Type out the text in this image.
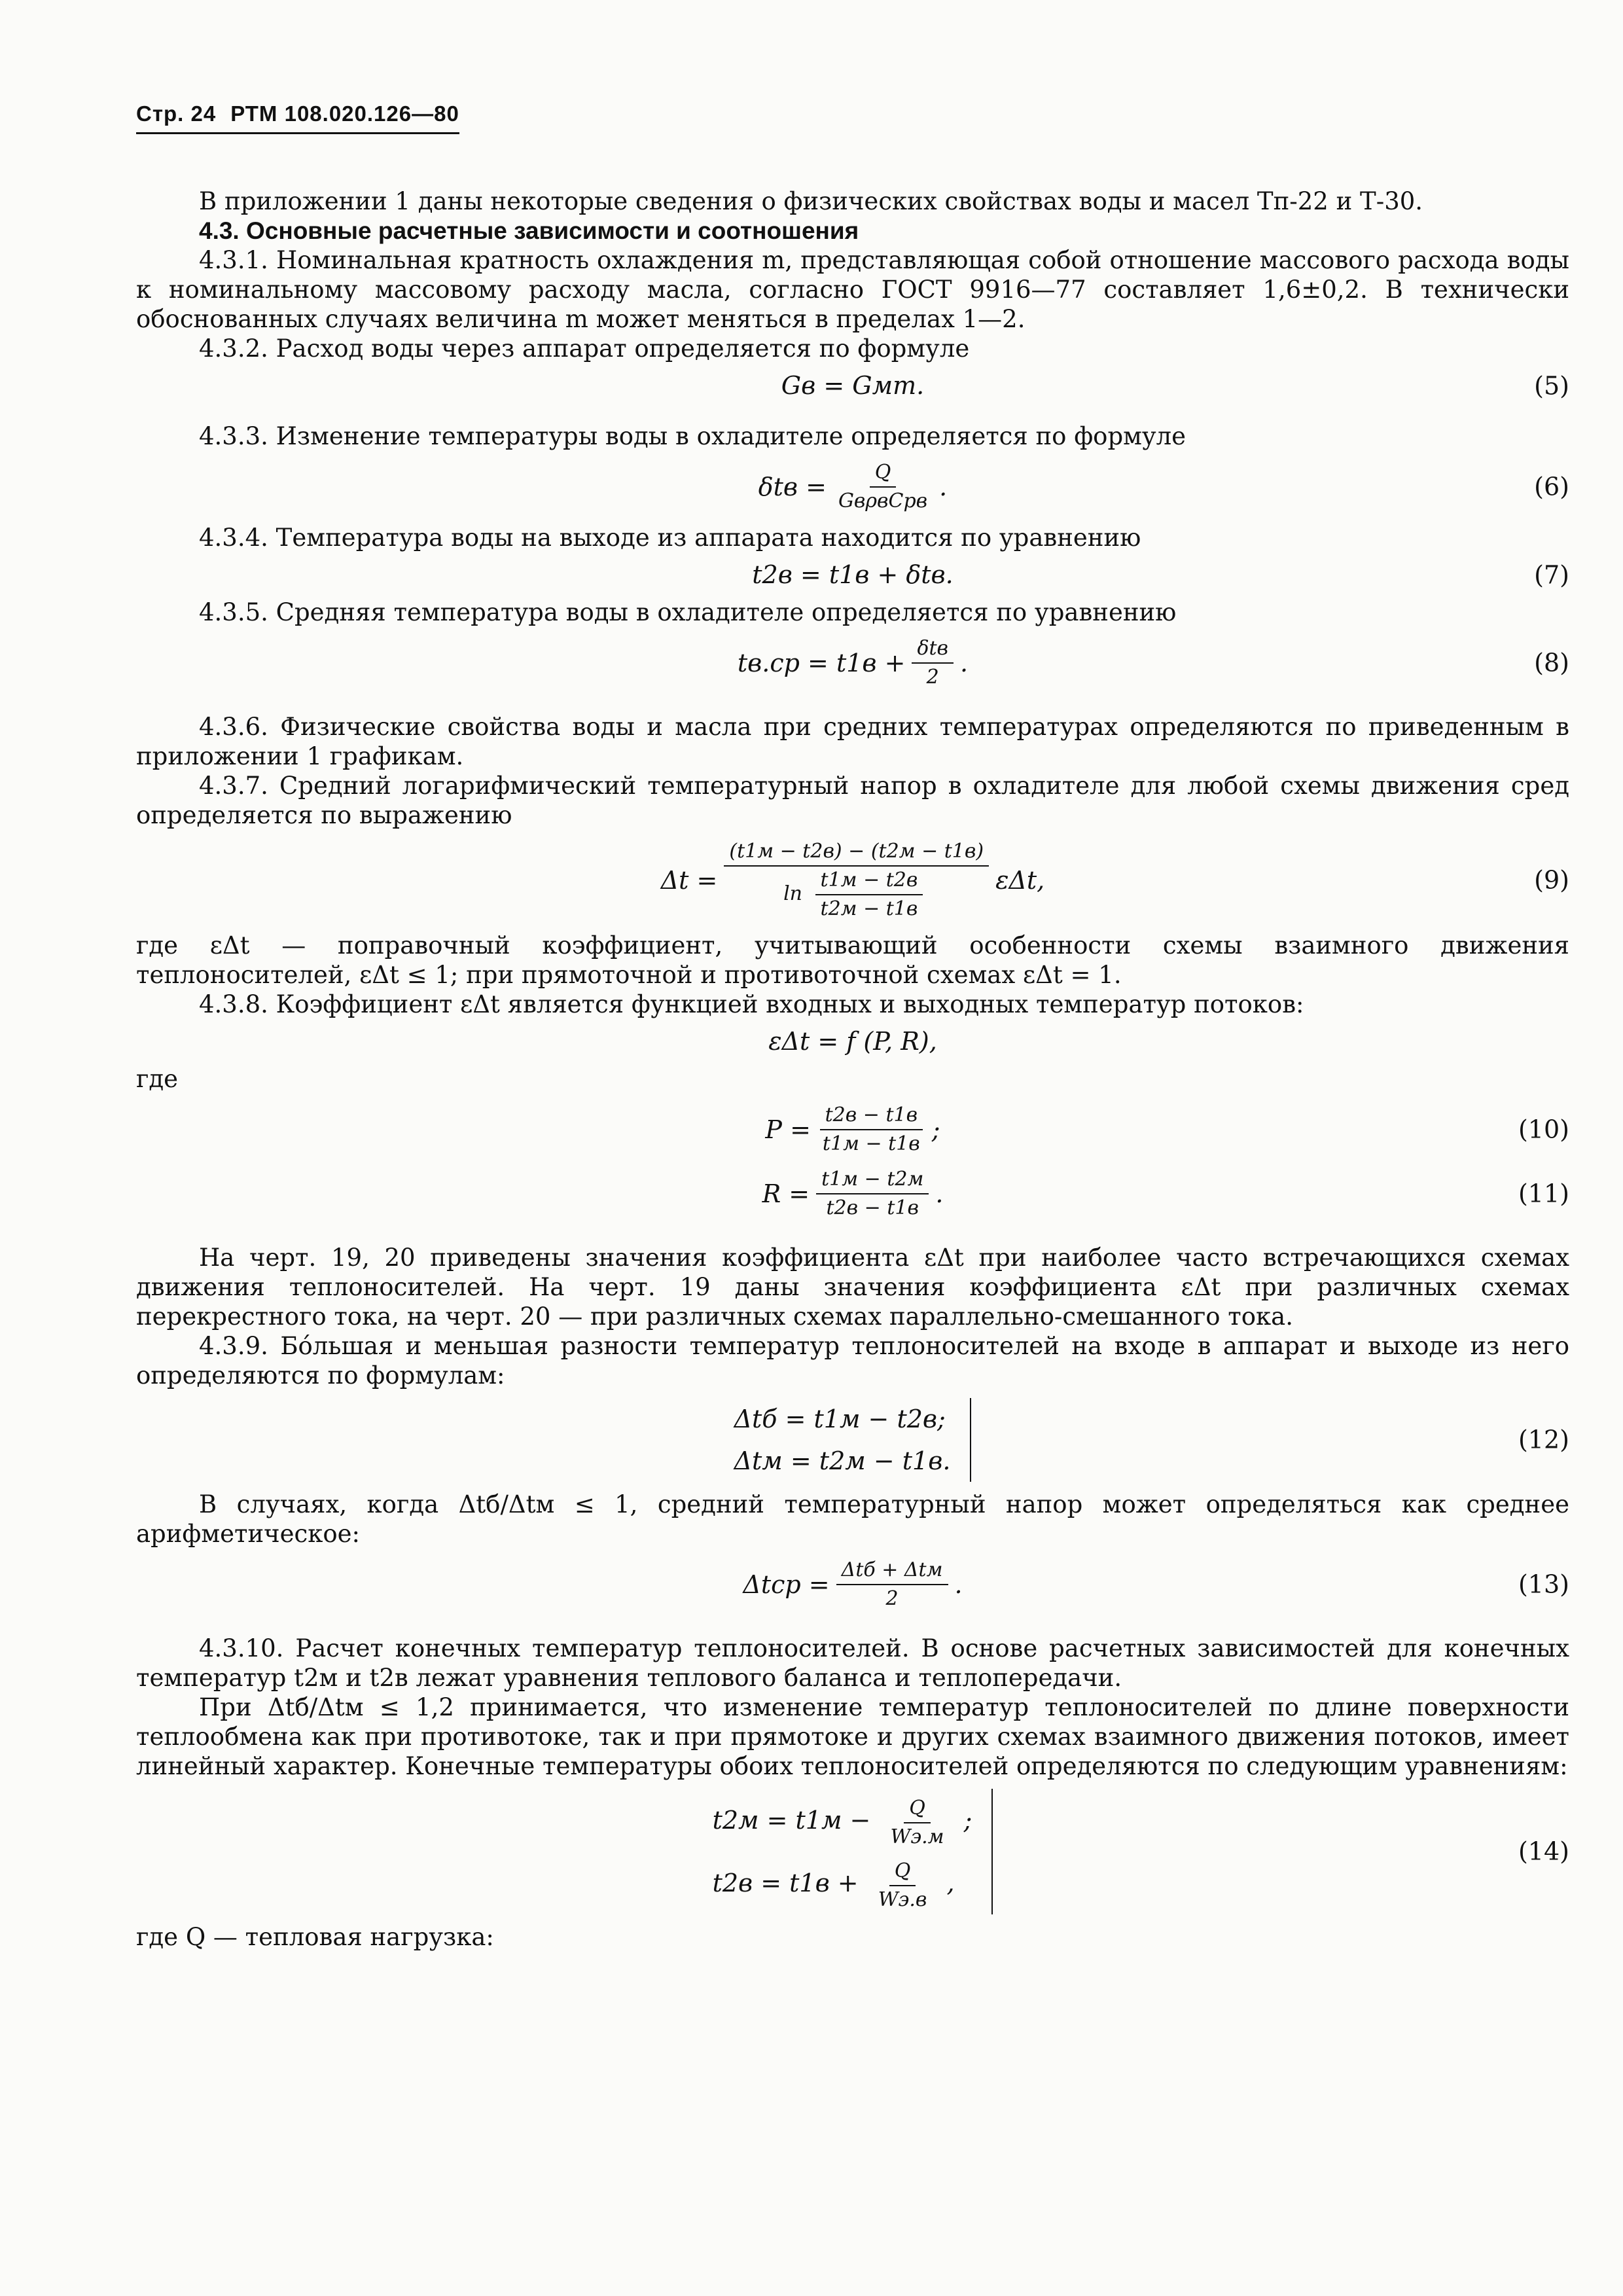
Стр. 24 РТМ 108.020.126—80

В приложении 1 даны некоторые сведения о физических свойствах воды и масел Тп-22 и Т-30.

4.3. Основные расчетные зависимости и соотношения

4.3.1. Номинальная кратность охлаждения m, представляющая собой отношение массового расхода воды к номинальному массовому расходу масла, согласно ГОСТ 9916—77 составляет 1,6±0,2. В технически обоснованных случаях величина m может меняться в пределах 1—2.

4.3.2. Расход воды через аппарат определяется по формуле

Gв = Gмm.	(5)

4.3.3. Изменение температуры воды в охладителе определяется по формуле

$\delta tв = \frac{Q}{\text{GвρвCpв}}$ .	(6)

4.3.4. Температура воды на выходе из аппарата находится по уравнению

t2в = t1в + δtв.	(7)

4.3.5. Средняя температура воды в охладителе определяется по уравнению

$tв.ср = t1в + \frac{\text{δtв}}{2}$ .	(8)

4.3.6. Физические свойства воды и масла при средних температурах определяются по приведенным в приложении 1 графикам.

4.3.7. Средний логарифмический температурный напор в охладителе для любой схемы движения сред определяется по выражению

$\Delta t = \frac{(t1м - t2в) - (t2м - t1в)}{\ln \frac{t1м - t2в}{t2м - t1в}} \varepsilon\Delta t$,	(9)

где εΔt — поправочный коэффициент, учитывающий особенности схемы взаимного движения теплоносителей, εΔt ≤ 1; при прямоточной и противоточной схемах εΔt = 1.

4.3.8. Коэффициент εΔt является функцией входных и выходных температур потоков:

εΔt = f (P, R),

где

$P = \frac{t2в - t1в}{t1м - t1в}$ ;	(10)
$R = \frac{t1м - t2м}{t2в - t1в}$ .	(11)

На черт. 19, 20 приведены значения коэффициента εΔt при наиболее часто встречающихся схемах движения теплоносителей. На черт. 19 даны значения коэффициента εΔt при различных схемах перекрестного тока, на черт. 20 — при различных схемах параллельно-смешанного тока.

4.3.9. Бо́льшая и меньшая разности температур теплоносителей на входе в аппарат и выходе из него определяются по формулам:

Δtб = t1м − t2в;
Δtм = t2м − t1в.
(12)

В случаях, когда Δtб/Δtм ≤ 1, средний температурный напор может определяться как среднее арифметическое:

$\Delta tср = \frac{\text{Δtб + Δtм}}{2}$ .	(13)

4.3.10. Расчет конечных температур теплоносителей. В основе расчетных зависимостей для конечных температур t2м и t2в лежат уравнения теплового баланса и теплопередачи.

При Δtб/Δtм ≤ 1,2 принимается, что изменение температур теплоносителей по длине поверхности теплообмена как при противотоке, так и при прямотоке и других схемах взаимного движения потоков, имеет линейный характер. Конечные температуры обоих теплоносителей определяются по следующим уравнениям:

$t2м = t1м - \frac{Q}{Wэ.м}$ ;
$t2в = t1в + \frac{Q}{Wэ.в}$ ,
(14)

где Q — тепловая нагрузка:
